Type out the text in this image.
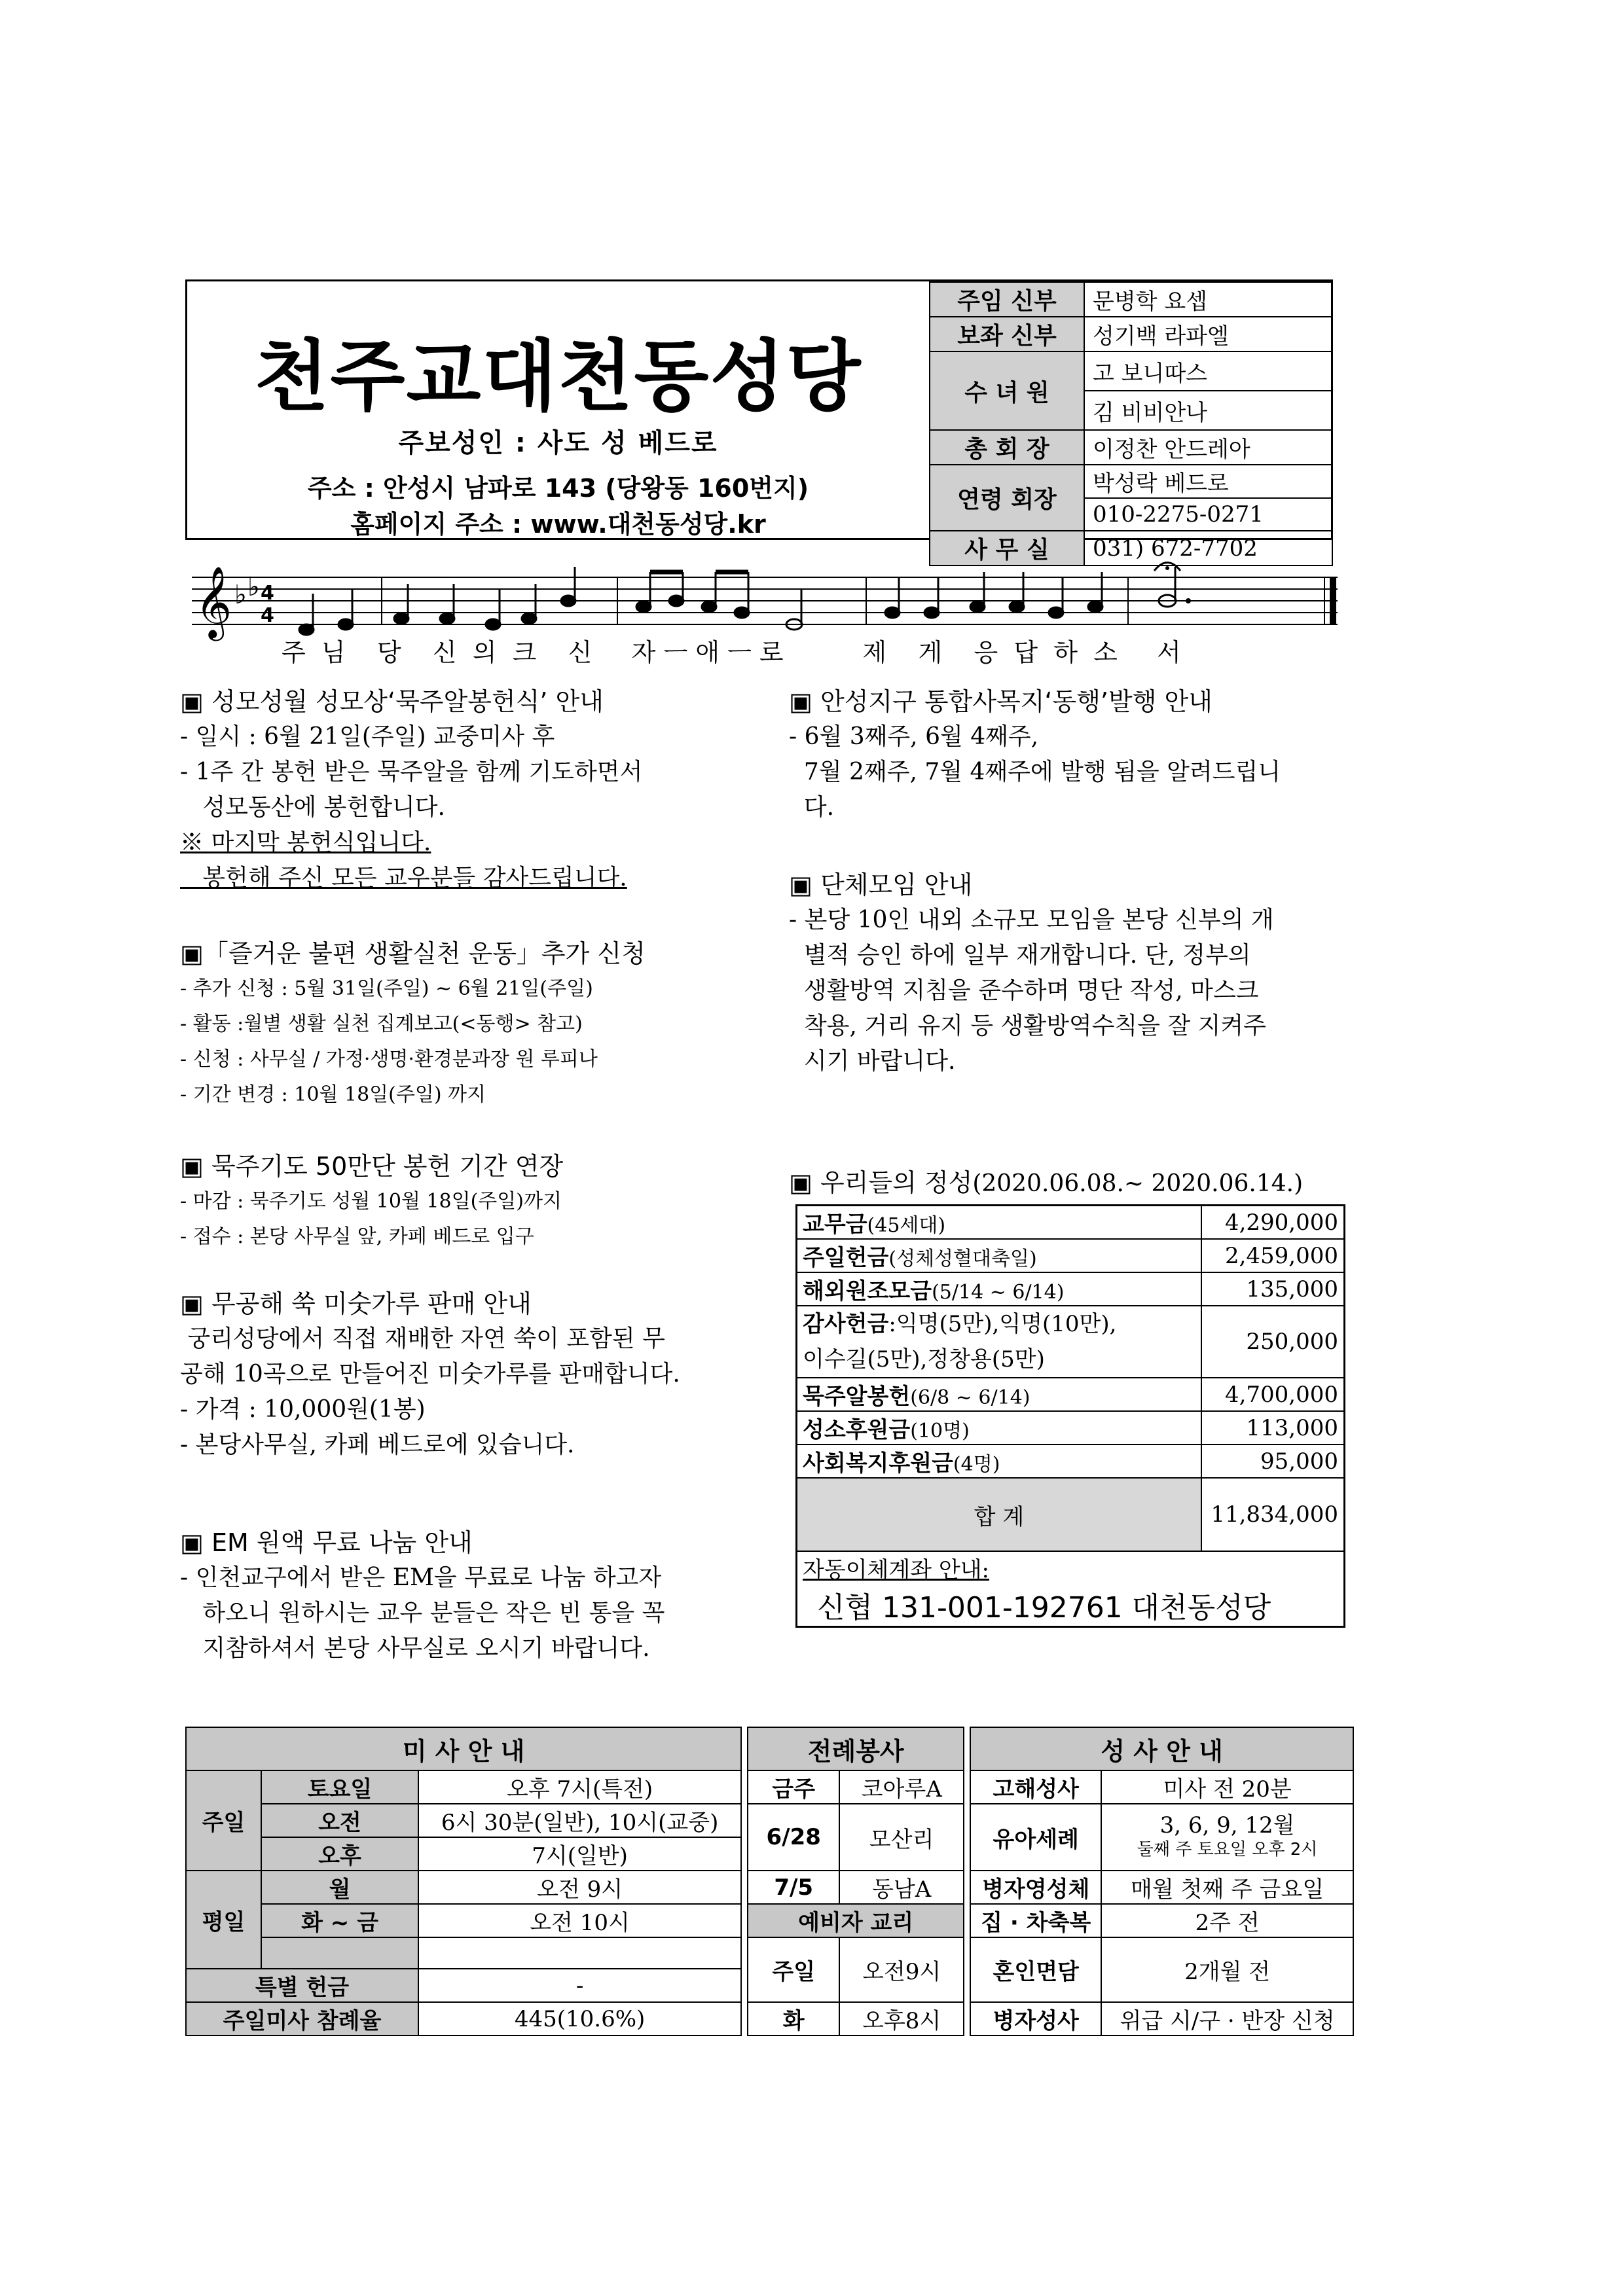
천주교대천동성당
주보성인 : 사도 성 베드로
주소 : 안성시 남파로 143 (당왕동 160번지)
홈페이지 주소 : www.대천동성당.kr
주임 신부	문병학 요셉
보좌 신부	성기백 라파엘
수 녀 원	고 보니따스
	김 비비안나
총 회 장	이정찬 안드레아
연령 회장	박성락 베드로
	010-2275-0271
사 무 실	031) 672-7702
𝄞 ♭ ♭ 4
4
주  님    당    신  의  크    신     자 ㅡ 애 ㅡ 로          제    게    응  답  하  소     서
▣ 성모성월 성모상‘묵주알봉헌식’ 안내

- 일시 : 6월 21일(주일) 교중미사 후

- 1주 간 봉헌 받은 묵주알을 함께 기도하면서

성모동산에 봉헌합니다.

※ 마지막 봉헌식입니다.

봉헌해 주신 모든 교우분들 감사드립니다.

▣「즐거운 불편 생활실천 운동」추가 신청

- 추가 신청 : 5월 31일(주일) ~ 6월 21일(주일)

- 활동 :월별 생활 실천 집계보고(<동행> 참고)

- 신청 : 사무실 / 가정·생명·환경분과장 원 루피나

- 기간 변경 : 10월 18일(주일) 까지

▣ 묵주기도 50만단 봉헌 기간 연장

- 마감 : 묵주기도 성월 10월 18일(주일)까지

- 접수 : 본당 사무실 앞, 카페 베드로 입구

▣ 무공해 쑥 미숫가루 판매 안내

궁리성당에서 직접 재배한 자연 쑥이 포함된 무

공해 10곡으로 만들어진 미숫가루를 판매합니다.

- 가격 : 10,000원(1봉)

- 본당사무실, 카페 베드로에 있습니다.

▣ EM 원액 무료 나눔 안내

- 인천교구에서 받은 EM을 무료로 나눔 하고자

하오니 원하시는 교우 분들은 작은 빈 통을 꼭

지참하셔서 본당 사무실로 오시기 바랍니다.

▣ 안성지구 통합사목지‘동행’발행 안내

- 6월 3째주, 6월 4째주,

7월 2째주, 7월 4째주에 발행 됨을 알려드립니

다.

▣ 단체모임 안내

- 본당 10인 내외 소규모 모임을 본당 신부의 개

별적 승인 하에 일부 재개합니다. 단, 정부의

생활방역 지침을 준수하며 명단 작성, 마스크

착용, 거리 유지 등 생활방역수칙을 잘 지켜주

시기 바랍니다.

▣ 우리들의 정성(2020.06.08.~ 2020.06.14.)
교무금(45세대)	4,290,000
주일헌금(성체성혈대축일)	2,459,000
해외원조모금(5/14 ~ 6/14)	135,000
감사헌금:익명(5만),익명(10만),
이수길(5만),정창용(5만)	250,000
묵주알봉헌(6/8 ~ 6/14)	4,700,000
성소후원금(10명)	113,000
사회복지후원금(4명)	95,000
합 계	11,834,000
자동이체계좌 안내:	
신협 131-001-192761 대천동성당	
미 사 안 내				전례봉사			성 사 안 내	
주일	토요일	오후 7시(특전)		금주	코아루A		고해성사	미사 전 20분
	오전	6시 30분(일반), 10시(교중)		6/28	모산리		유아세례	3, 6, 9, 12월
둘째 주 토요일 오후 2시
	오후	7시(일반)						
평일	월	오전 9시		7/5	동남A		병자영성체	매월 첫째 주 금요일
	화 ~ 금	오전 10시		예비자 교리			집 · 차축복	2주 전
				주일	오전9시		혼인면담	2개월 전
특별 헌금		-						
주일미사 참례율		445(10.6%)		화	오후8시		병자성사	위급 시/구 · 반장 신청
